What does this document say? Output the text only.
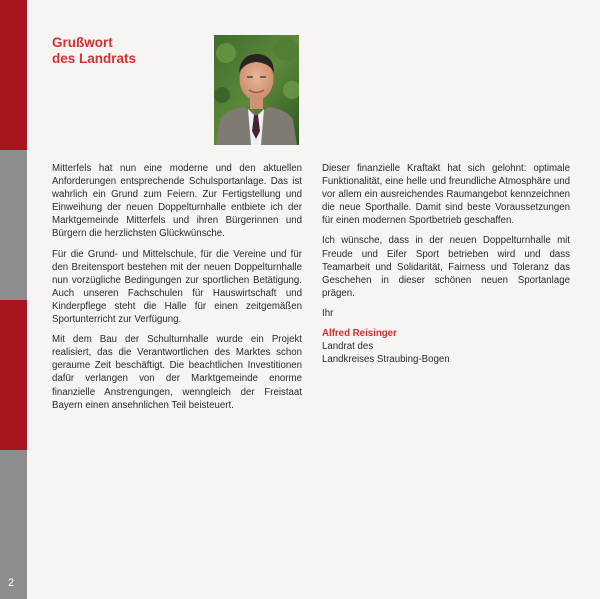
2
Grußwort
des Landrats

Mitterfels hat nun eine moderne und den aktuellen Anforderungen entsprechende Schulsportanlage. Das ist wahrlich ein Grund zum Feiern. Zur Fertigstellung und Einweihung der neuen Doppelturnhalle entbiete ich der Marktgemeinde Mitterfels und ihren Bürgerinnen und Bürgern die herzlichsten Glückwünsche.

Für die Grund- und Mittelschule, für die Vereine und für den Breitensport bestehen mit der neuen Doppelturnhalle nun vorzügliche Bedingungen zur sportlichen Betätigung. Auch unseren Fachschulen für Hauswirtschaft und Kinderpflege steht die Halle für einen zeitgemäßen Sportunterricht zur Verfügung.

Mit dem Bau der Schulturnhalle wurde ein Projekt realisiert, das die Verantwortlichen des Marktes schon geraume Zeit beschäftigt. Die beachtlichen Investitionen dafür verlangen von der Marktgemeinde enorme finanzielle Anstrengungen, wenngleich der Freistaat Bayern einen ansehnlichen Teil beisteuert.

Dieser finanzielle Kraftakt hat sich gelohnt: optimale Funktionalität, eine helle und freundliche Atmosphäre und vor allem ein ausreichendes Raumangebot kennzeichnen die neue Sporthalle. Damit sind beste Voraussetzungen für einen modernen Sportbetrieb geschaffen.

Ich wünsche, dass in der neuen Doppelturnhalle mit Freude und Eifer Sport betrieben wird und dass Teamarbeit und Solidarität, Fairness und Toleranz das Geschehen in dieser schönen neuen Sportanlage prägen.

Ihr
Alfred Reisinger
Landrat des
Landkreises Straubing-Bogen
